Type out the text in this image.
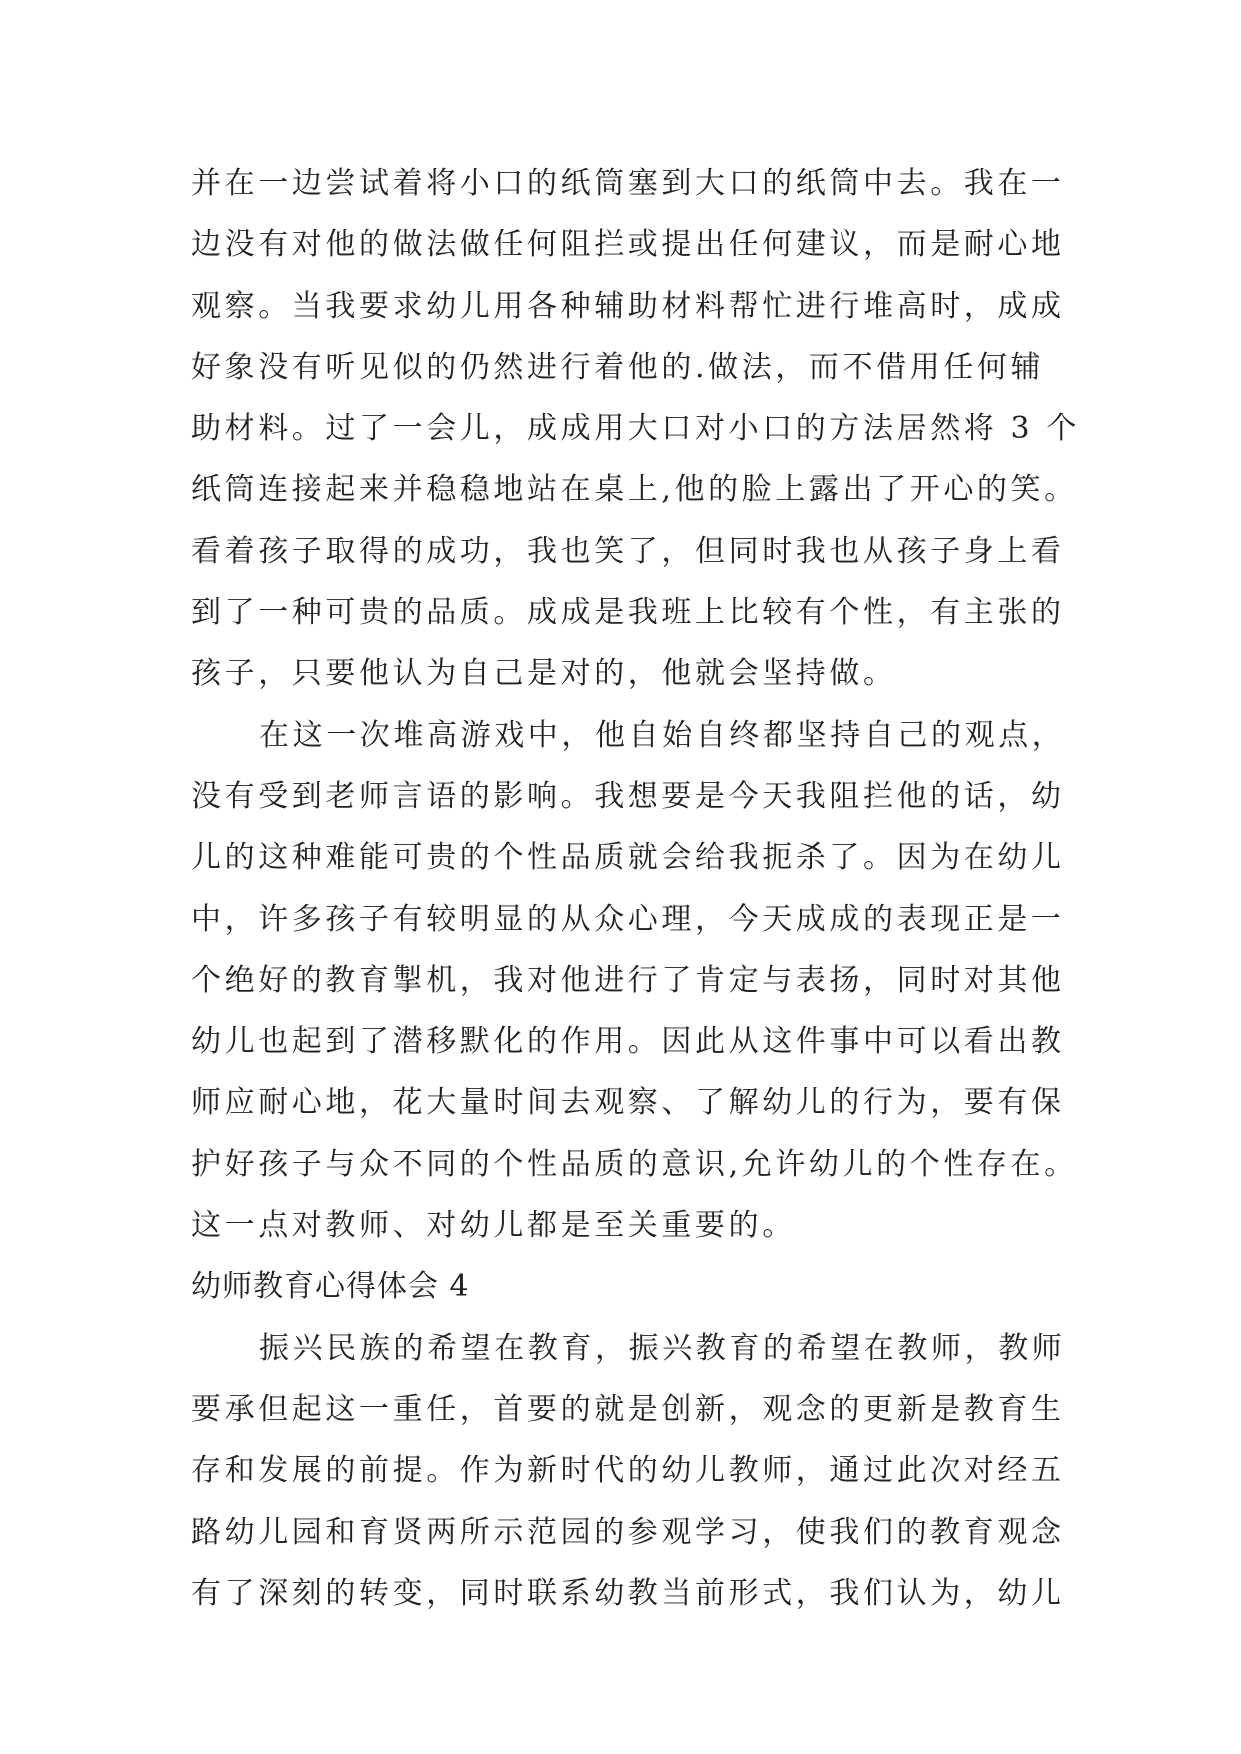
并在一边尝试着将小口的纸筒塞到大口的纸筒中去。我在一
边没有对他的做法做任何阻拦或提出任何建议，而是耐心地
观察。当我要求幼儿用各种辅助材料帮忙进行堆高时，成成
好象没有听见似的仍然进行着他的.做法，而不借用任何辅
助材料。过了一会儿，成成用大口对小口的方法居然将 3 个
纸筒连接起来并稳稳地站在桌上,他的脸上露出了开心的笑。
看着孩子取得的成功，我也笑了，但同时我也从孩子身上看
到了一种可贵的品质。成成是我班上比较有个性，有主张的
孩子，只要他认为自己是对的，他就会坚持做。
在这一次堆高游戏中，他自始自终都坚持自己的观点，
没有受到老师言语的影响。我想要是今天我阻拦他的话，幼
儿的这种难能可贵的个性品质就会给我扼杀了。因为在幼儿
中，许多孩子有较明显的从众心理，今天成成的表现正是一
个绝好的教育掣机，我对他进行了肯定与表扬，同时对其他
幼儿也起到了潜移默化的作用。因此从这件事中可以看出教
师应耐心地，花大量时间去观察、了解幼儿的行为，要有保
护好孩子与众不同的个性品质的意识,允许幼儿的个性存在。
这一点对教师、对幼儿都是至关重要的。
幼师教育心得体会 4
振兴民族的希望在教育，振兴教育的希望在教师，教师
要承但起这一重任，首要的就是创新，观念的更新是教育生
存和发展的前提。作为新时代的幼儿教师，通过此次对经五
路幼儿园和育贤两所示范园的参观学习，使我们的教育观念
有了深刻的转变，同时联系幼教当前形式，我们认为，幼儿
